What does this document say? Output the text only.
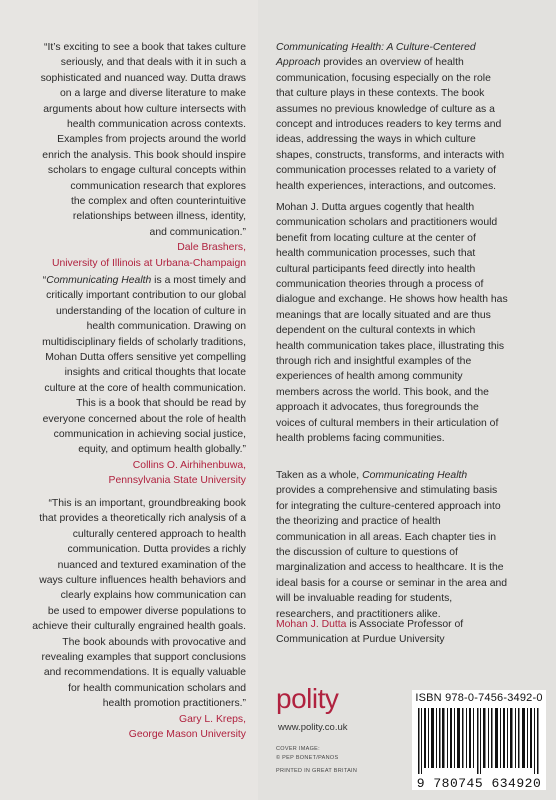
“It’s exciting to see a book that takes culture
seriously, and that deals with it in such a
sophisticated and nuanced way. Dutta draws
on a large and diverse literature to make
arguments about how culture intersects with
health communication across contexts.
Examples from projects around the world
enrich the analysis. This book should inspire
scholars to engage cultural concepts within
communication research that explores
the complex and often counterintuitive
relationships between illness, identity,
and communication.”
Dale Brashers,
University of Illinois at Urbana-Champaign
“Communicating Health is a most timely and
critically important contribution to our global
understanding of the location of culture in
health communication. Drawing on
multidisciplinary fields of scholarly traditions,
Mohan Dutta offers sensitive yet compelling
insights and critical thoughts that locate
culture at the core of health communication.
This is a book that should be read by
everyone concerned about the role of health
communication in achieving social justice,
equity, and optimum health globally.”
Collins O. Airhihenbuwa,
Pennsylvania State University
“This is an important, groundbreaking book
that provides a theoretically rich analysis of a
culturally centered approach to health
communication. Dutta provides a richly
nuanced and textured examination of the
ways culture influences health behaviors and
clearly explains how communication can
be used to empower diverse populations to
achieve their culturally engrained health goals.
The book abounds with provocative and
revealing examples that support conclusions
and recommendations. It is equally valuable
for health communication scholars and
health promotion practitioners.”
Gary L. Kreps,
George Mason University
Communicating Health: A Culture-Centered
Approach provides an overview of health
communication, focusing especially on the role
that culture plays in these contexts. The book
assumes no previous knowledge of culture as a
concept and introduces readers to key terms and
ideas, addressing the ways in which culture
shapes, constructs, transforms, and interacts with
communication processes related to a variety of
health experiences, interactions, and outcomes.
Mohan J. Dutta argues cogently that health
communication scholars and practitioners would
benefit from locating culture at the center of
health communication processes, such that
cultural participants feed directly into health
communication theories through a process of
dialogue and exchange. He shows how health has
meanings that are locally situated and are thus
dependent on the cultural contexts in which
health communication takes place, illustrating this
through rich and insightful examples of the
experiences of health among community
members across the world. This book, and the
approach it advocates, thus foregrounds the
voices of cultural members in their articulation of
health problems facing communities.
Taken as a whole, Communicating Health
provides a comprehensive and stimulating basis
for integrating the culture-centered approach into
the theorizing and practice of health
communication in all areas. Each chapter ties in
the discussion of culture to questions of
marginalization and access to healthcare. It is the
ideal basis for a course or seminar in the area and
will be invaluable reading for students,
researchers, and practitioners alike.
Mohan J. Dutta is Associate Professor of
Communication at Purdue University
polity
www.polity.co.uk
COVER IMAGE:
© PEP BONET/PANOS
PRINTED IN GREAT BRITAIN
ISBN 978-0-7456-3492-0
9 780745 634920
